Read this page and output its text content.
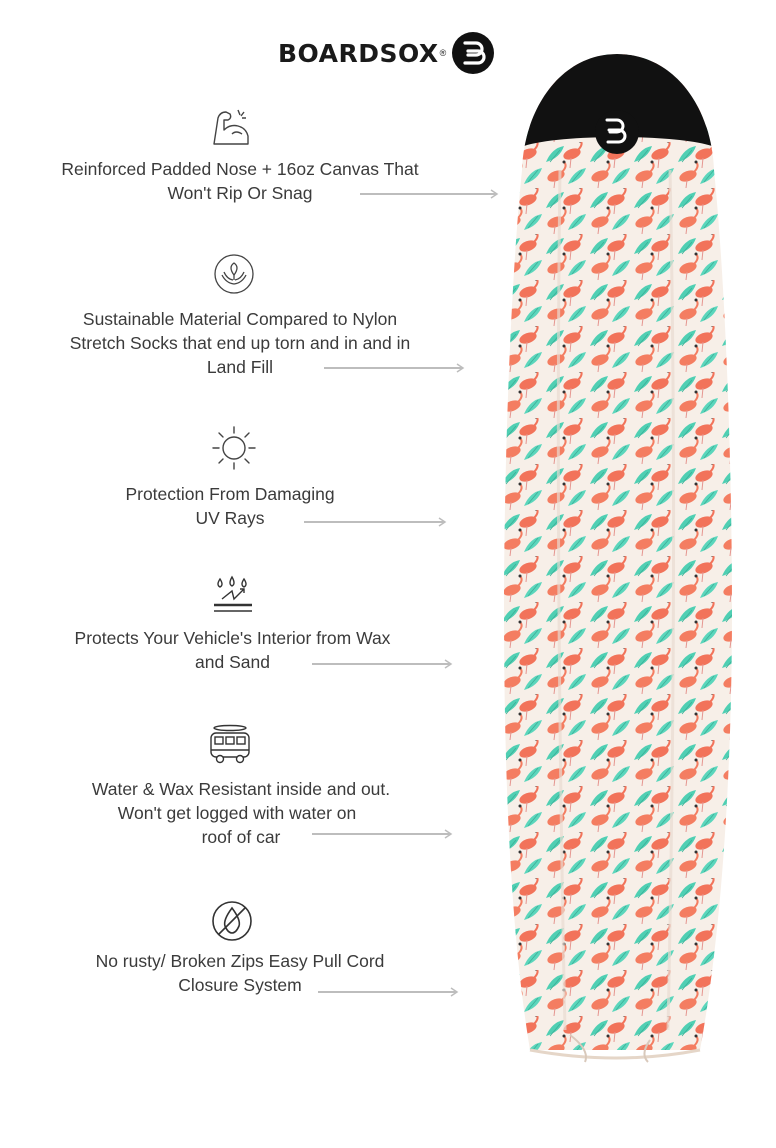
BOARDSOX ®
Reinforced Padded Nose + 16oz Canvas That
Won't Rip Or Snag
Sustainable Material Compared to Nylon
Stretch Socks that end up torn and in and in
Land Fill
Protection From Damaging
UV Rays
Protects Your Vehicle's Interior from Wax
and Sand
Water & Wax Resistant inside and out.
Won't get logged with water on
roof of car
No rusty/ Broken Zips Easy Pull Cord
Closure System
